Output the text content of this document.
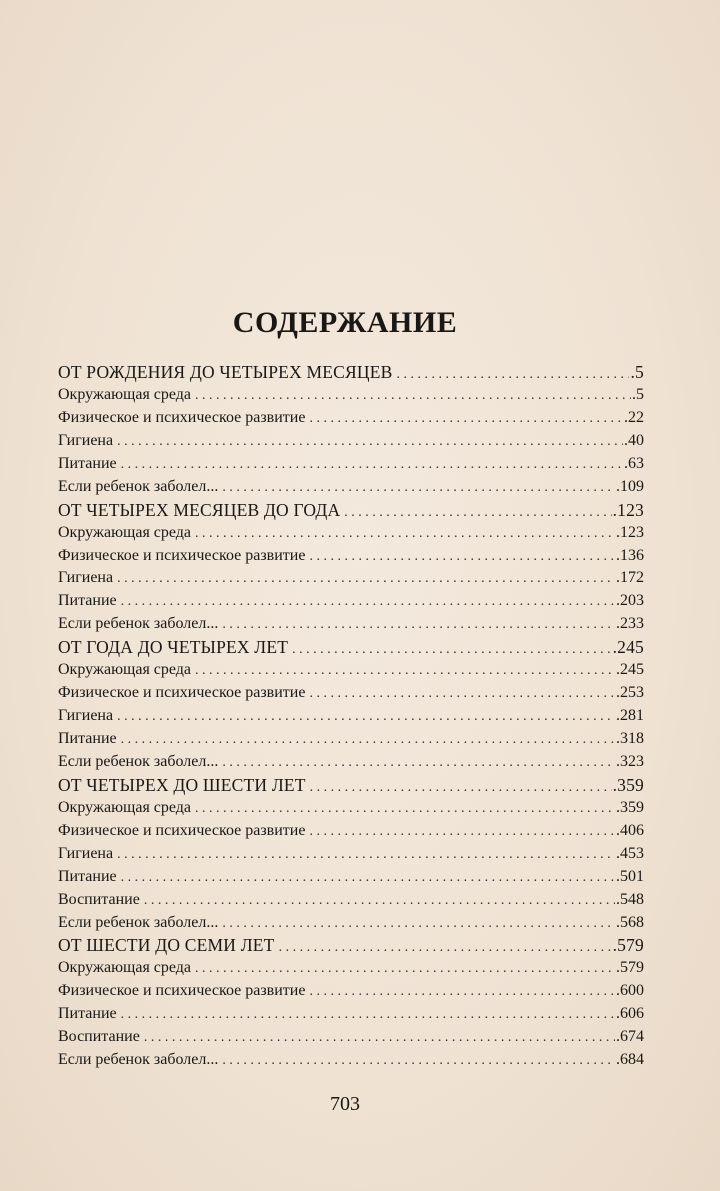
СОДЕРЖАНИЕ
ОТ РОЖДЕНИЯ ДО ЧЕТЫРЕХ МЕСЯЦЕВ . . .	.5
Окружающая среда . . .	.5
Физическое и психическое развитие . . .	.22
Гигиена . . .	.40
Питание . . .	.63
Если ребенок заболел... . . .	.109
ОТ ЧЕТЫРЕХ МЕСЯЦЕВ ДО ГОДА . . .	.123
Окружающая среда . . .	.123
Физическое и психическое развитие . . .	.136
Гигиена . . .	.172
Питание . . .	.203
Если ребенок заболел... . . .	.233
ОТ ГОДА ДО ЧЕТЫРЕХ ЛЕТ . . .	.245
Окружающая среда . . .	.245
Физическое и психическое развитие . . .	.253
Гигиена . . .	.281
Питание . . .	.318
Если ребенок заболел... . . .	.323
ОТ ЧЕТЫРЕХ ДО ШЕСТИ ЛЕТ . . .	.359
Окружающая среда . . .	.359
Физическое и психическое развитие . . .	.406
Гигиена . . .	.453
Питание . . .	.501
Воспитание . . .	.548
Если ребенок заболел... . . .	.568
ОТ ШЕСТИ ДО СЕМИ ЛЕТ . . .	.579
Окружающая среда . . .	.579
Физическое и психическое развитие . . .	.600
Питание . . .	.606
Воспитание . . .	.674
Если ребенок заболел... . . .	.684
703
